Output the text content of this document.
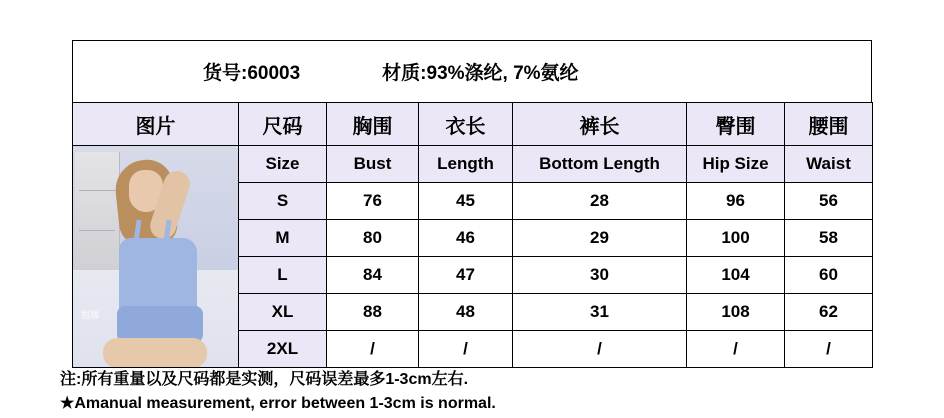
货号:60003	材质:93%涤纶, 7%氨纶
图片	尺码	胸围	衣长	裤长	臀围	腰围

恒瑞	Size	Bust	Length	Bottom Length	Hip Size	Waist
	S	76	45	28	96	56
	M	80	46	29	100	58
	L	84	47	30	104	60
	XL	88	48	31	108	62
	2XL	/	/	/	/	/
注:所有重量以及尺码都是实测，尺码误差最多1-3cm左右.
★Amanual measurement, error between 1-3cm is normal.
